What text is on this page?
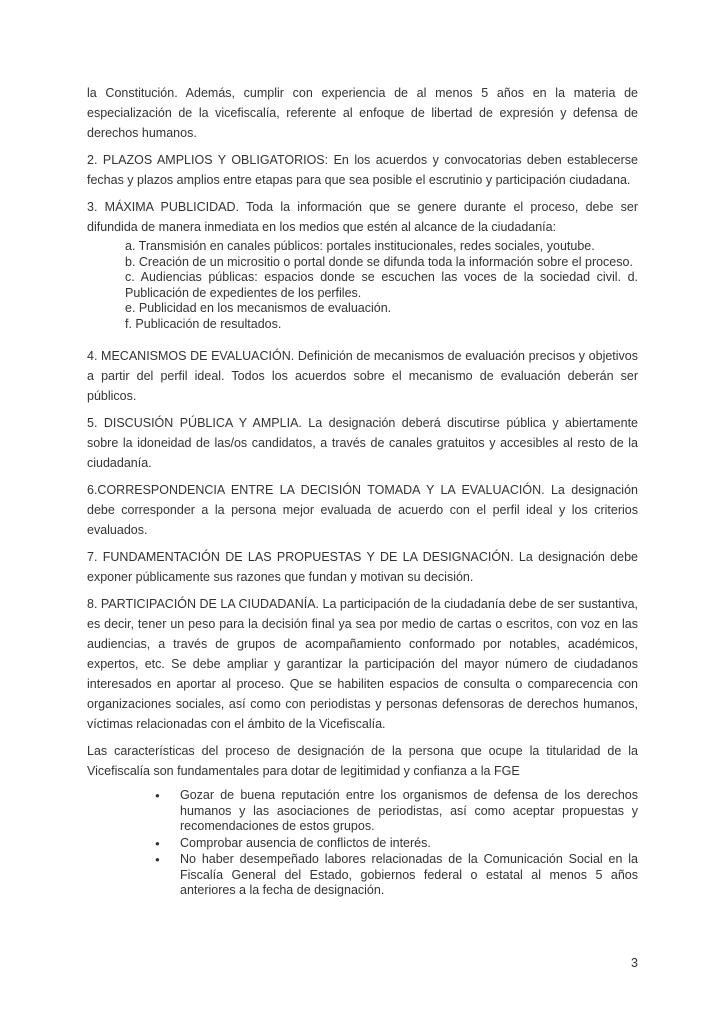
la Constitución. Además, cumplir con experiencia de al menos 5 años en la materia de especialización de la vicefiscalía, referente al enfoque de libertad de expresión y defensa de derechos humanos.

2. PLAZOS AMPLIOS Y OBLIGATORIOS: En los acuerdos y convocatorias deben establecerse fechas y plazos amplios entre etapas para que sea posible el escrutinio y participación ciudadana.

3. MÁXIMA PUBLICIDAD. Toda la información que se genere durante el proceso, debe ser difundida de manera inmediata en los medios que estén al alcance de la ciudadanía:

a. Transmisión en canales públicos: portales institucionales, redes sociales, youtube.

b. Creación de un micrositio o portal donde se difunda toda la información sobre el proceso.

c. Audiencias públicas: espacios donde se escuchen las voces de la sociedad civil. d. Publicación de expedientes de los perfiles.

e. Publicidad en los mecanismos de evaluación.

f. Publicación de resultados.

4. MECANISMOS DE EVALUACIÓN. Definición de mecanismos de evaluación precisos y objetivos a partir del perfil ideal. Todos los acuerdos sobre el mecanismo de evaluación deberán ser públicos.

5. DISCUSIÓN PÚBLICA Y AMPLIA. La designación deberá discutirse pública y abiertamente sobre la idoneidad de las/os candidatos, a través de canales gratuitos y accesibles al resto de la ciudadanía.

6.CORRESPONDENCIA ENTRE LA DECISIÓN TOMADA Y LA EVALUACIÓN. La designación debe corresponder a la persona mejor evaluada de acuerdo con el perfil ideal y los criterios evaluados.

7. FUNDAMENTACIÓN DE LAS PROPUESTAS Y DE LA DESIGNACIÓN. La designación debe exponer públicamente sus razones que fundan y motivan su decisión.

8. PARTICIPACIÓN DE LA CIUDADANÍA. La participación de la ciudadanía debe de ser sustantiva, es decir, tener un peso para la decisión final ya sea por medio de cartas o escritos, con voz en las audiencias, a través de grupos de acompañamiento conformado por notables, académicos, expertos, etc. Se debe ampliar y garantizar la participación del mayor número de ciudadanos interesados en aportar al proceso. Que se habiliten espacios de consulta o comparecencia con organizaciones sociales, así como con periodistas y personas defensoras de derechos humanos, víctimas relacionadas con el ámbito de la Vicefiscalía.

Las características del proceso de designación de la persona que ocupe la titularidad de la Vicefiscalía son fundamentales para dotar de legitimidad y confianza a la FGE

●	Gozar de buena reputación entre los organismos de defensa de los derechos humanos y las asociaciones de periodistas, así como aceptar propuestas y recomendaciones de estos grupos.
●	Comprobar ausencia de conflictos de interés.
●	No haber desempeñado labores relacionadas de la Comunicación Social en la Fiscalía General del Estado, gobiernos federal o estatal al menos 5 años anteriores a la fecha de designación.
3
